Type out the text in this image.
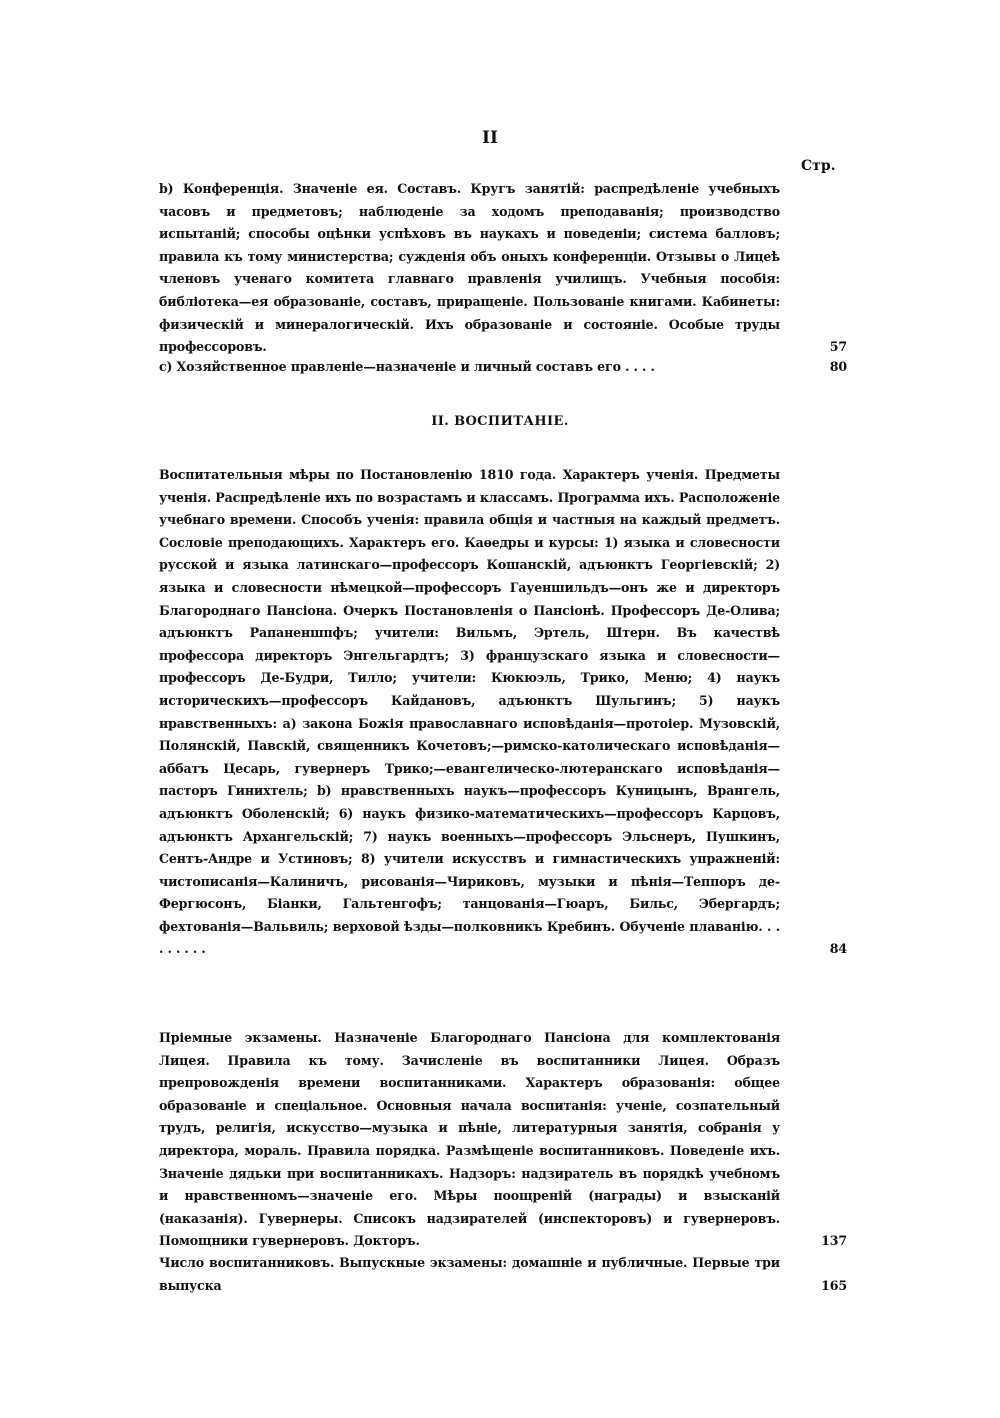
II
Стр.
b) Конференція. Значеніе ея. Составъ. Кругъ занятій: распредѣленіе учебныхъ часовъ и предметовъ; наблюденіе за ходомъ преподаванія; производство испытаній; способы оцѣнки успѣховъ въ наукахъ и поведеніи; система балловъ; правила къ тому министерства; сужденія объ оныхъ конференціи. Отзывы о Лицеѣ членовъ ученаго комитета главнаго правленія училищъ. Учебныя пособія: библіотека—ея образованіе, составъ, приращеніе. Пользованіе книгами. Кабинеты: физическій и минералогическій. Ихъ образованіе и состояніе. Особые труды профессоровъ.	57
c) Хозяйственное правленіе—назначеніе и личный составъ его . . . .	80
II. ВОСПИТАНІЕ.
Воспитательныя мѣры по Постановленію 1810 года. Характеръ ученія. Предметы ученія. Распредѣленіе ихъ по возрастамъ и классамъ. Программа ихъ. Расположеніе учебнаго времени. Способъ ученія: правила общія и частныя на каждый предметъ. Сословіе преподающихъ. Характеръ его. Каѳедры и курсы: 1) языка и словесности русской и языка латинскаго—профессоръ Кошанскій, адъюнктъ Георгіевскій; 2) языка и словесности нѣмецкой—профессоръ Гауеншильдъ—онъ же и директоръ Благороднаго Пансіона. Очеркъ Постановленія о Пансіонѣ. Профессоръ Де-Олива; адъюнктъ Рапаненшпфъ; учители: Вильмъ, Эртель, Штерн. Въ качествѣ профессора директоръ Энгельгардтъ; 3) французскаго языка и словесности—профессоръ Де-Будри, Тилло; учители: Кюкюэль, Трико, Меню; 4) наукъ историческихъ—профессоръ Кайдановъ, адъюнктъ Шульгинъ; 5) наукъ нравственныхъ: а) закона Божія православнаго исповѣданія—протоіер. Музовскій, Полянскій, Павскій, священникъ Кочетовъ;—римско-католическаго исповѣданія—аббатъ Цесарь, гувернеръ Трико;—евангелическо-лютеранскаго исповѣданія—пасторъ Гинихтель; b) нравственныхъ наукъ—профессоръ Куницынъ, Врангель, адъюнктъ Оболенскій; 6) наукъ физико-математическихъ—профессоръ Карцовъ, адъюнктъ Архангельскій; 7) наукъ военныхъ—профессоръ Эльснеръ, Пушкинъ, Сентъ-Андре и Устиновъ; 8) учители искусствъ и гимнастическихъ упражненій: чистописанія—Калиничъ, рисованія—Чириковъ, музыки и пѣнія—Теппоръ де-Фергюсонъ, Біанки, Гальтенгофъ; танцованія—Гюаръ, Бильс, Эбергардъ; фехтованія—Вальвиль; верховой ѣзды—полковникъ Кребинъ. Обученіе плаванію. . . . . . . . .	84
Пріемные экзамены. Назначеніе Благороднаго Пансіона для комплектованія Лицея. Правила къ тому. Зачисленіе въ воспитанники Лицея. Образъ препровожденія времени воспитанниками. Характеръ образованія: общее образованіе и спеціальное. Основныя начала воспитанія: ученіе, созпательный трудъ, религія, искусство—музыка и пѣніе, литературныя занятія, собранія у директора, мораль. Правила порядка. Размѣщеніе воспитанниковъ. Поведеніе ихъ. Значеніе дядьки при воспитанникахъ. Надзоръ: надзиратель въ порядкѣ учебномъ и нравственномъ—значеніе его. Мѣры поощреній (награды) и взысканій (наказанія). Гувернеры. Списокъ надзирателей (инспекторовъ) и гувернеровъ. Помощники гувернеровъ. Докторъ.	137
Число воспитанниковъ. Выпускные экзамены: домашніе и публичные. Первые три выпуска	165
